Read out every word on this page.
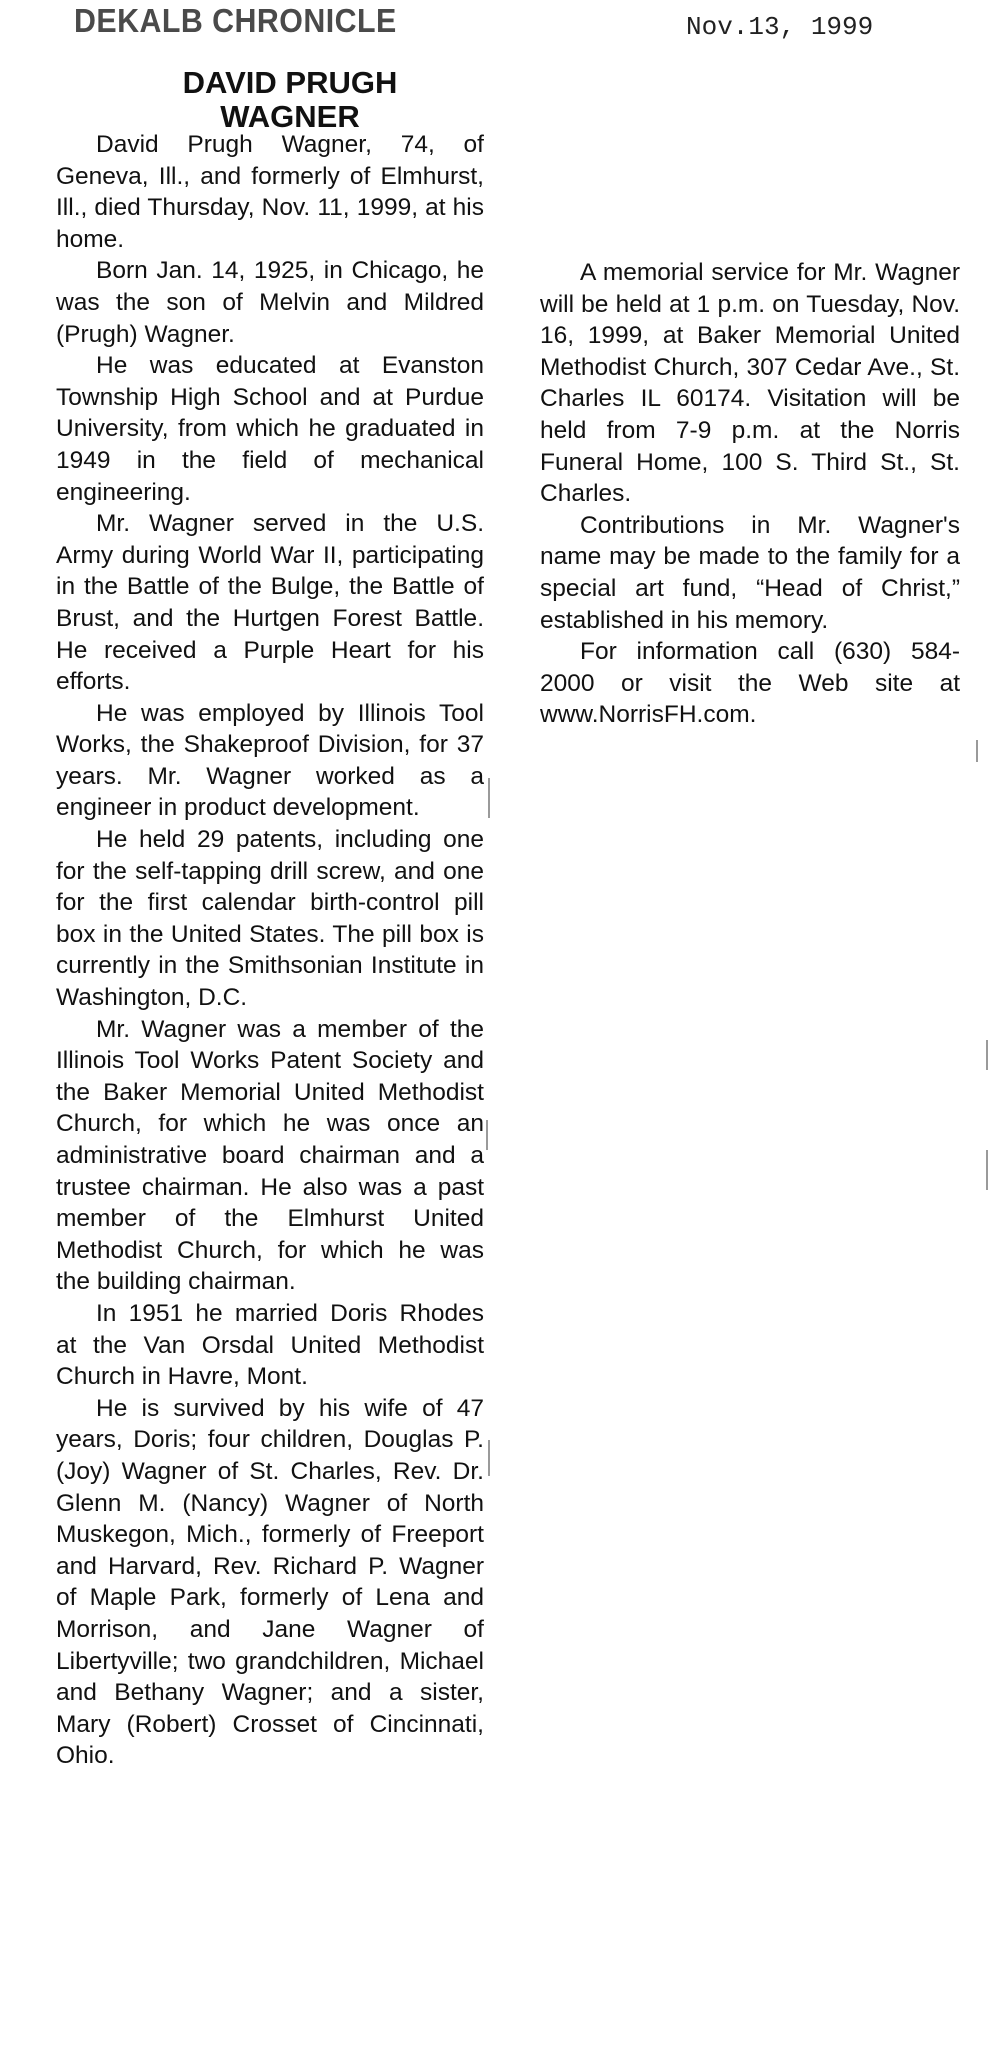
DEKALB CHRONICLE	Nov.13, 1999
DAVID PRUGH
WAGNER

David Prugh Wagner, 74, of Geneva, Ill., and formerly of Elmhurst, Ill., died Thursday, Nov. 11, 1999, at his home.

Born Jan. 14, 1925, in Chicago, he was the son of Melvin and Mildred (Prugh) Wagner.

He was educated at Evanston Township High School and at Purdue University, from which he graduated in 1949 in the field of mechanical engineering.

Mr. Wagner served in the U.S. Army during World War II, participating in the Battle of the Bulge, the Battle of Brust, and the Hurtgen Forest Battle. He received a Purple Heart for his efforts.

He was employed by Illinois Tool Works, the Shakeproof Division, for 37 years. Mr. Wagner worked as a engineer in product development.

He held 29 patents, including one for the self-tapping drill screw, and one for the first calendar birth-control pill box in the United States. The pill box is currently in the Smithsonian Institute in Washington, D.C.

Mr. Wagner was a member of the Illinois Tool Works Patent Society and the Baker Memorial United Methodist Church, for which he was once an administrative board chairman and a trustee chairman. He also was a past member of the Elmhurst United Methodist Church, for which he was the building chairman.

In 1951 he married Doris Rhodes at the Van Orsdal United Methodist Church in Havre, Mont.

He is survived by his wife of 47 years, Doris; four children, Douglas P. (Joy) Wagner of St. Charles, Rev. Dr. Glenn M. (Nancy) Wagner of North Muskegon, Mich., formerly of Freeport and Harvard, Rev. Richard P. Wagner of Maple Park, formerly of Lena and Morrison, and Jane Wagner of Libertyville; two grandchildren, Michael and Bethany Wagner; and a sister, Mary (Robert) Crosset of Cincinnati, Ohio.

A memorial service for Mr. Wagner will be held at 1 p.m. on Tuesday, Nov. 16, 1999, at Baker Memorial United Methodist Church, 307 Cedar Ave., St. Charles IL 60174. Visitation will be held from 7-9 p.m. at the Norris Funeral Home, 100 S. Third St., St. Charles.

Contributions in Mr. Wagner's name may be made to the family for a special art fund, “Head of Christ,” established in his memory.

For information call (630) 584-2000 or visit the Web site at www.NorrisFH.com.
